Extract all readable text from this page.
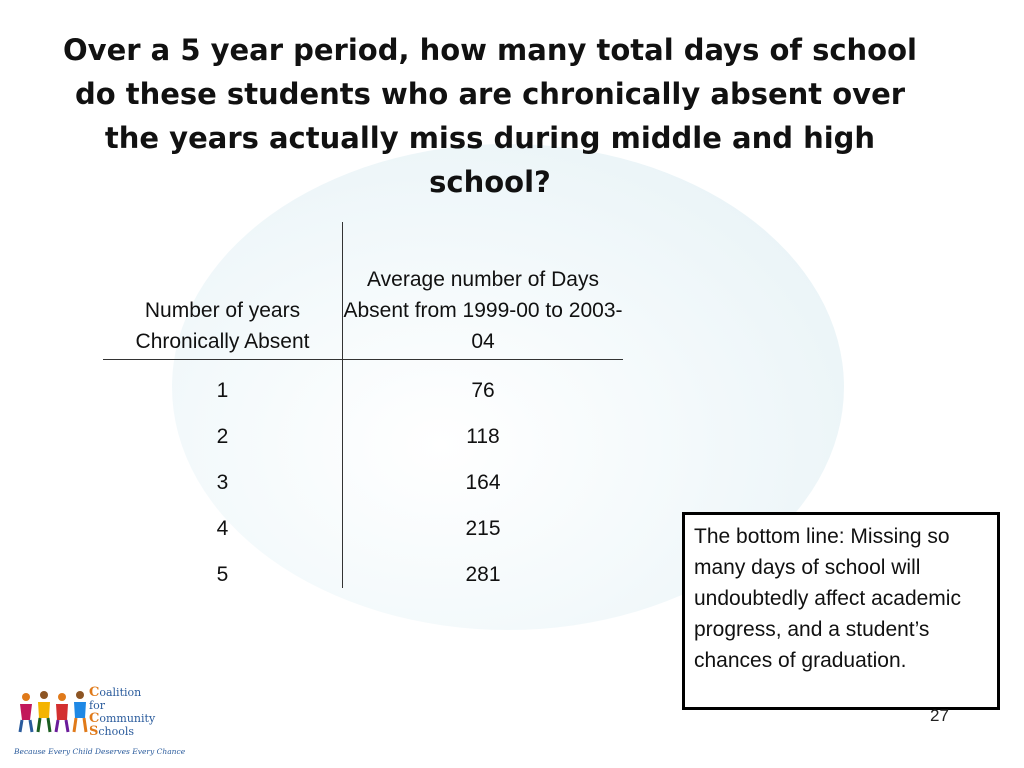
Over a 5 year period, how many total days of school do these students who are chronically absent over the years actually miss during middle and high school?
Number of years Chronically Absent
Average number of Days Absent from 1999-00 to 2003-04
1	76
2	118
3	164
4	215
5	281
The bottom line: Missing so many days of school will undoubtedly affect academic progress, and a student’s chances of graduation.
Coalition
for
Community
Schools
Because Every Child Deserves Every Chance
27
